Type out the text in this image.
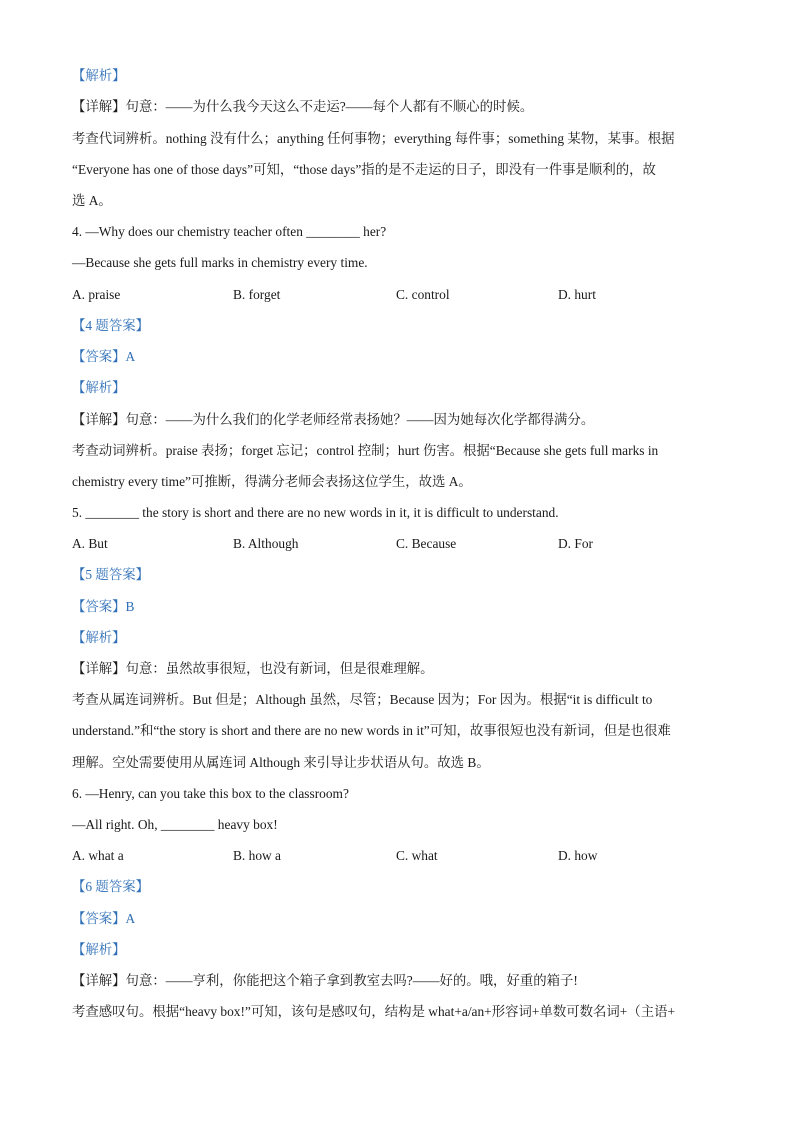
【解析】
【详解】句意：——为什么我今天这么不走运?——每个人都有不顺心的时候。
考查代词辨析。nothing 没有什么；anything 任何事物；everything 每件事；something 某物，某事。根据
“Everyone has one of those days”可知，“those days”指的是不走运的日子，即没有一件事是顺利的，故
选 A。
4. —Why does our chemistry teacher often ________ her?
—Because she gets full marks in chemistry every time.
A. praise	B. forget	C. control	D. hurt
【4 题答案】
【答案】A
【解析】
【详解】句意：——为什么我们的化学老师经常表扬她？——因为她每次化学都得满分。
考查动词辨析。praise 表扬；forget 忘记；control 控制；hurt 伤害。根据“Because she gets full marks in
chemistry every time”可推断，得满分老师会表扬这位学生，故选 A。
5. ________ the story is short and there are no new words in it, it is difficult to understand.
A. But	B. Although	C. Because	D. For
【5 题答案】
【答案】B
【解析】
【详解】句意：虽然故事很短，也没有新词，但是很难理解。
考查从属连词辨析。But 但是；Although 虽然，尽管；Because 因为；For 因为。根据“it is difficult to
understand.”和“the story is short and there are no new words in it”可知，故事很短也没有新词，但是也很难
理解。空处需要使用从属连词 Although 来引导让步状语从句。故选 B。
6. —Henry, can you take this box to the classroom?
—All right. Oh, ________ heavy box!
A. what a	B. how a	C. what	D. how
【6 题答案】
【答案】A
【解析】
【详解】句意：——亨利，你能把这个箱子拿到教室去吗?——好的。哦，好重的箱子!
考查感叹句。根据“heavy box!”可知，该句是感叹句，结构是 what+a/an+形容词+单数可数名词+（主语+
